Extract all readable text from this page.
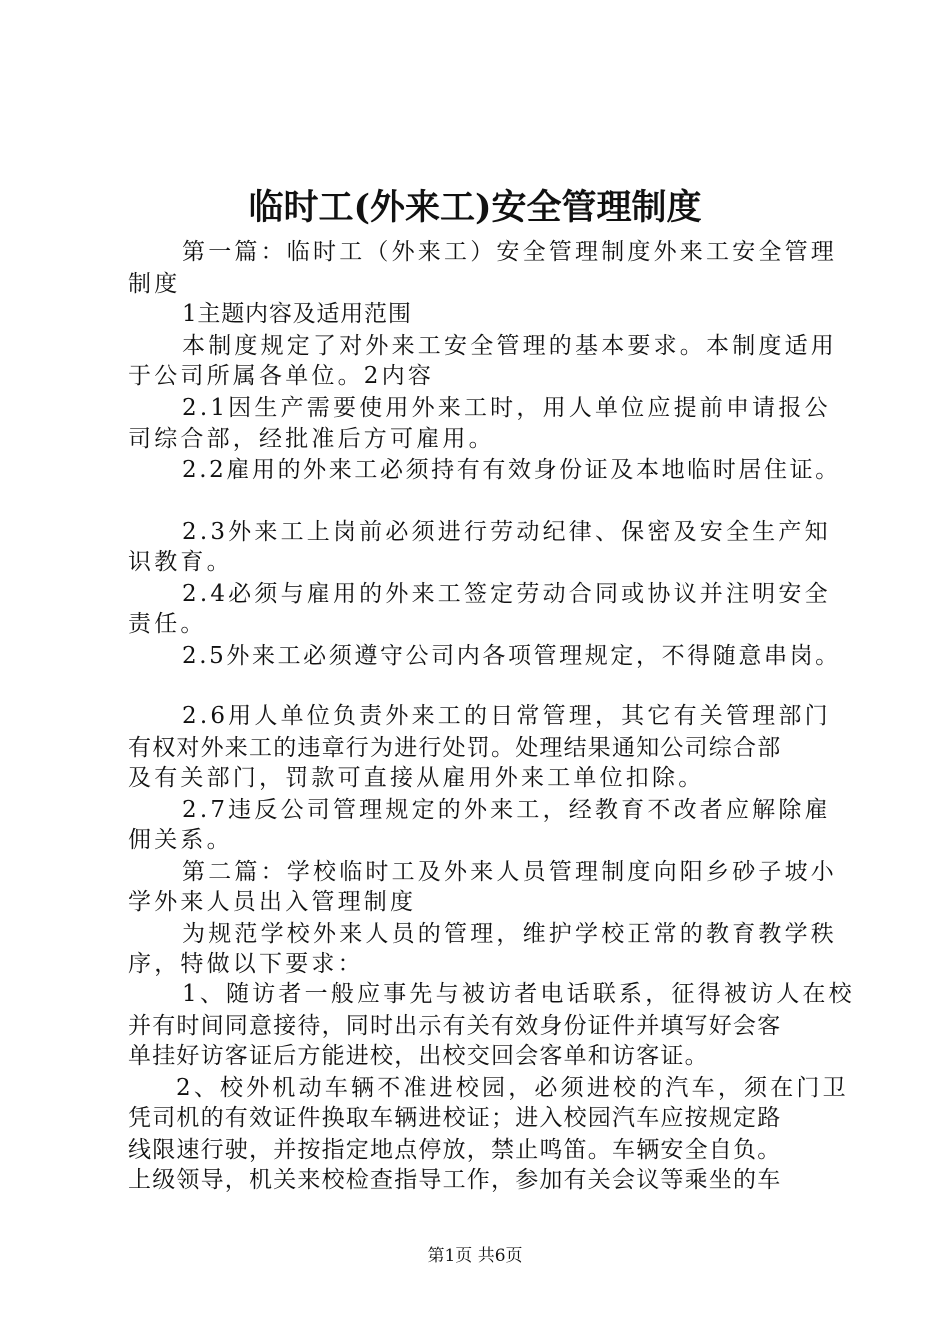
临时工(外来工)安全管理制度
第一篇：临时工（外来工）安全管理制度外来工安全管理
制度
1主题内容及适用范围
本制度规定了对外来工安全管理的基本要求。本制度适用
于公司所属各单位。2内容
2.1因生产需要使用外来工时，用人单位应提前申请报公
司综合部，经批准后方可雇用。
2.2雇用的外来工必须持有有效身份证及本地临时居住证。
2.3外来工上岗前必须进行劳动纪律、保密及安全生产知
识教育。
2.4必须与雇用的外来工签定劳动合同或协议并注明安全
责任。
2.5外来工必须遵守公司内各项管理规定，不得随意串岗。
2.6用人单位负责外来工的日常管理，其它有关管理部门
有权对外来工的违章行为进行处罚。处理结果通知公司综合部
及有关部门，罚款可直接从雇用外来工单位扣除。
2.7违反公司管理规定的外来工，经教育不改者应解除雇
佣关系。
第二篇：学校临时工及外来人员管理制度向阳乡砂子坡小
学外来人员出入管理制度
为规范学校外来人员的管理，维护学校正常的教育教学秩
序，特做以下要求：
1、随访者一般应事先与被访者电话联系，征得被访人在校
并有时间同意接待，同时出示有关有效身份证件并填写好会客
单挂好访客证后方能进校，出校交回会客单和访客证。
2、校外机动车辆不准进校园，必须进校的汽车，须在门卫
凭司机的有效证件换取车辆进校证；进入校园汽车应按规定路
线限速行驶，并按指定地点停放，禁止鸣笛。车辆安全自负。
上级领导，机关来校检查指导工作，参加有关会议等乘坐的车
第1页 共6页
